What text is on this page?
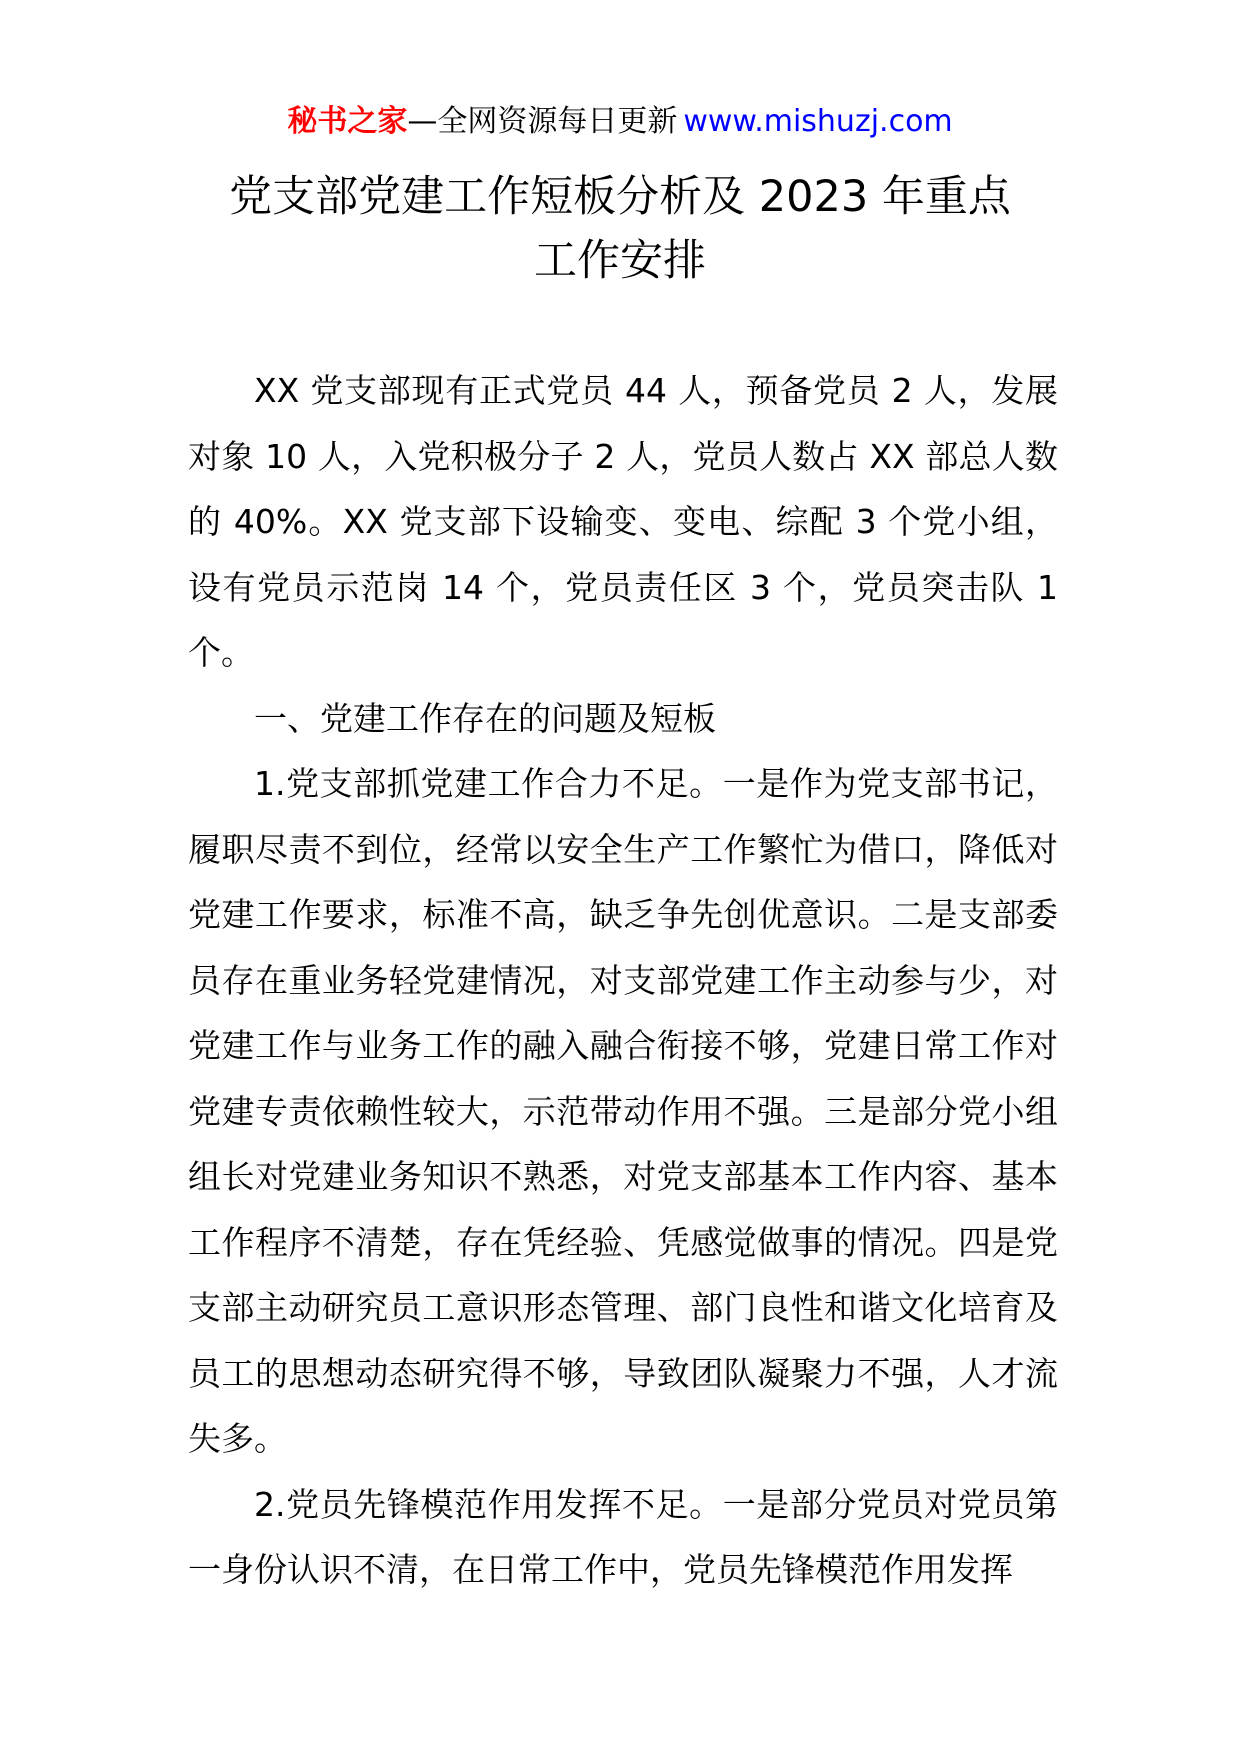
秘书之家—全网资源每日更新 www.mishuzj.com
党支部党建工作短板分析及 2023 年重点
工作安排

XX 党支部现有正式党员 44 人，预备党员 2 人，发展对象 10 人，入党积极分子 2 人，党员人数占 XX 部总人数的 40%。XX 党支部下设输变、变电、综配 3 个党小组，设有党员示范岗 14 个，党员责任区 3 个，党员突击队 1 个。

一、党建工作存在的问题及短板

1.党支部抓党建工作合力不足。一是作为党支部书记，履职尽责不到位，经常以安全生产工作繁忙为借口，降低对党建工作要求，标准不高，缺乏争先创优意识。二是支部委员存在重业务轻党建情况，对支部党建工作主动参与少，对党建工作与业务工作的融入融合衔接不够，党建日常工作对党建专责依赖性较大，示范带动作用不强。三是部分党小组组长对党建业务知识不熟悉，对党支部基本工作内容、基本工作程序不清楚，存在凭经验、凭感觉做事的情况。四是党支部主动研究员工意识形态管理、部门良性和谐文化培育及员工的思想动态研究得不够，导致团队凝聚力不强，人才流失多。

2.党员先锋模范作用发挥不足。一是部分党员对党员第一身份认识不清，在日常工作中，党员先锋模范作用发挥
